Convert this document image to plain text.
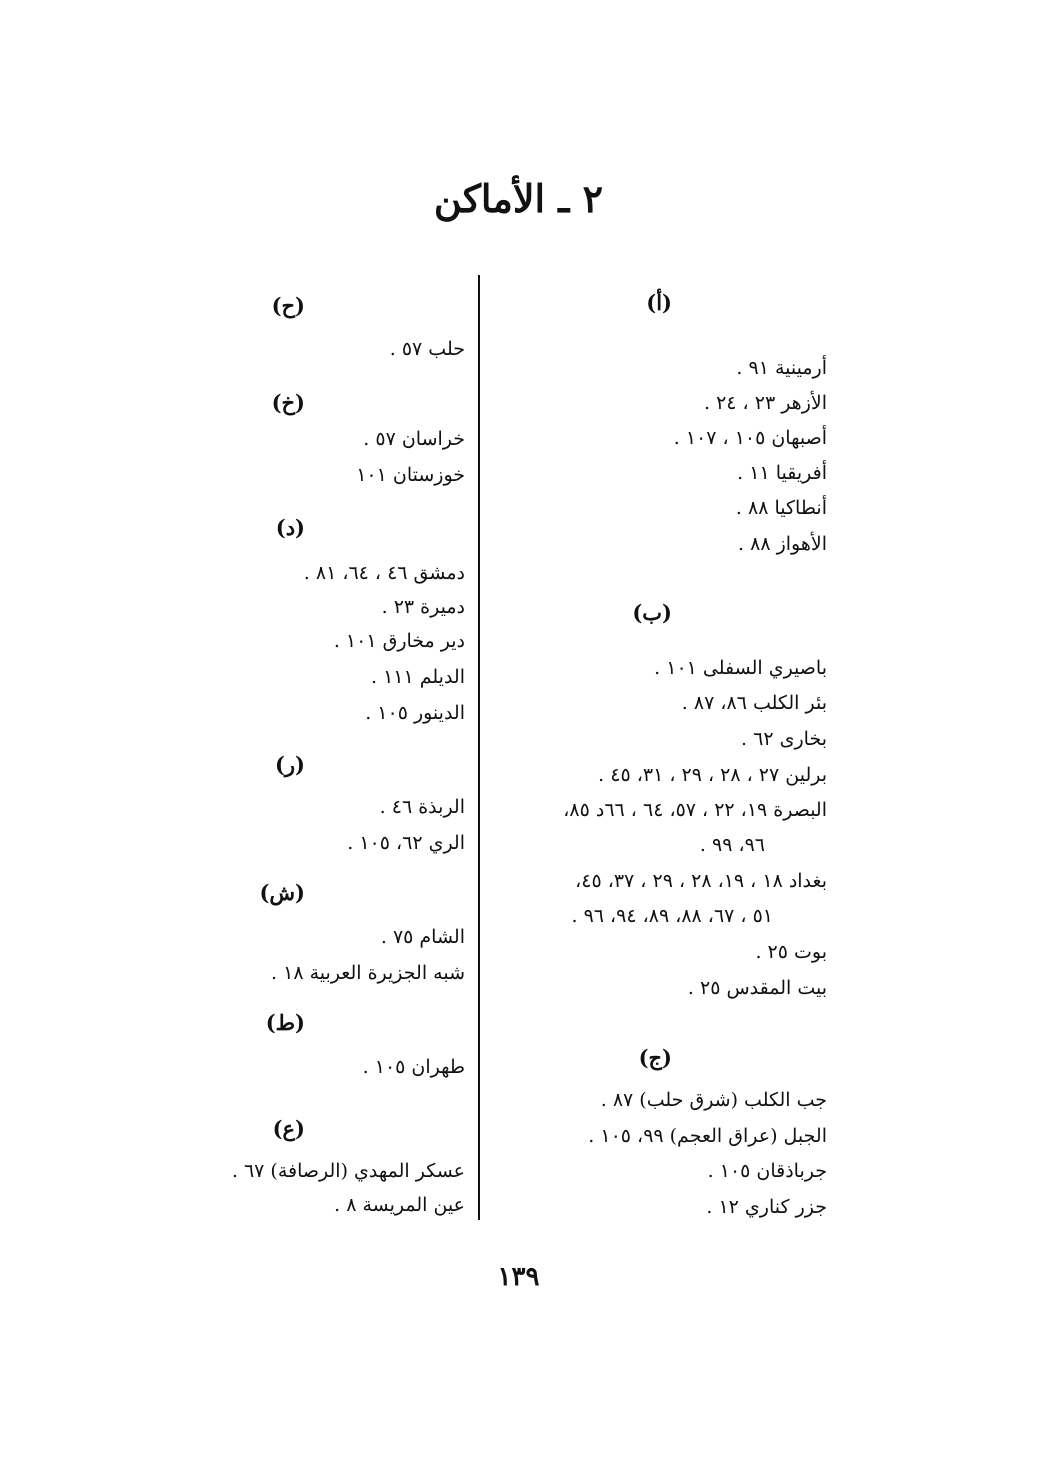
٢ ـ الأماكن
(أ)
أرمينية ٩١ .
الأزهر ٢٣ ، ٢٤ .
أصبهان ١٠٥ ، ١٠٧ .
أفريقيا ١١ .
أنطاكيا ٨٨ .
الأهواز ٨٨ .
(ب)
باصيري السفلى ١٠١ .
بئر الكلب ٨٦، ٨٧ .
بخارى ٦٢ .
برلين ٢٧ ، ٢٨ ، ٢٩ ، ٣١، ٤٥ .
البصرة ١٩، ٢٢ ، ٥٧، ٦٤ ، ٦٦د ٨٥،
٩٦، ٩٩ .
بغداد ١٨ ، ١٩، ٢٨ ، ٢٩ ، ٣٧، ٤٥،
٥١ ، ٦٧، ٨٨، ٨٩، ٩٤، ٩٦ .
بوت ٢٥ .
بيت المقدس ٢٥ .
(ج)
جب الكلب (شرق حلب) ٨٧ .
الجبل (عراق العجم) ٩٩، ١٠٥ .
جرباذقان ١٠٥ .
جزر كناري ١٢ .
(ح)
حلب ٥٧ .
(خ)
خراسان ٥٧ .
خوزستان ١٠١
(د)
دمشق ٤٦ ، ٦٤، ٨١ .
دميرة ٢٣ .
دير مخارق ١٠١ .
الديلم ١١١ .
الدينور ١٠٥ .
(ر)
الربذة ٤٦ .
الري ٦٢، ١٠٥ .
(ش)
الشام ٧٥ .
شبه الجزيرة العربية ١٨ .
(ط)
طهران ١٠٥ .
(ع)
عسكر المهدي (الرصافة) ٦٧ .
عين المريسة ٨ .
١٣٩
